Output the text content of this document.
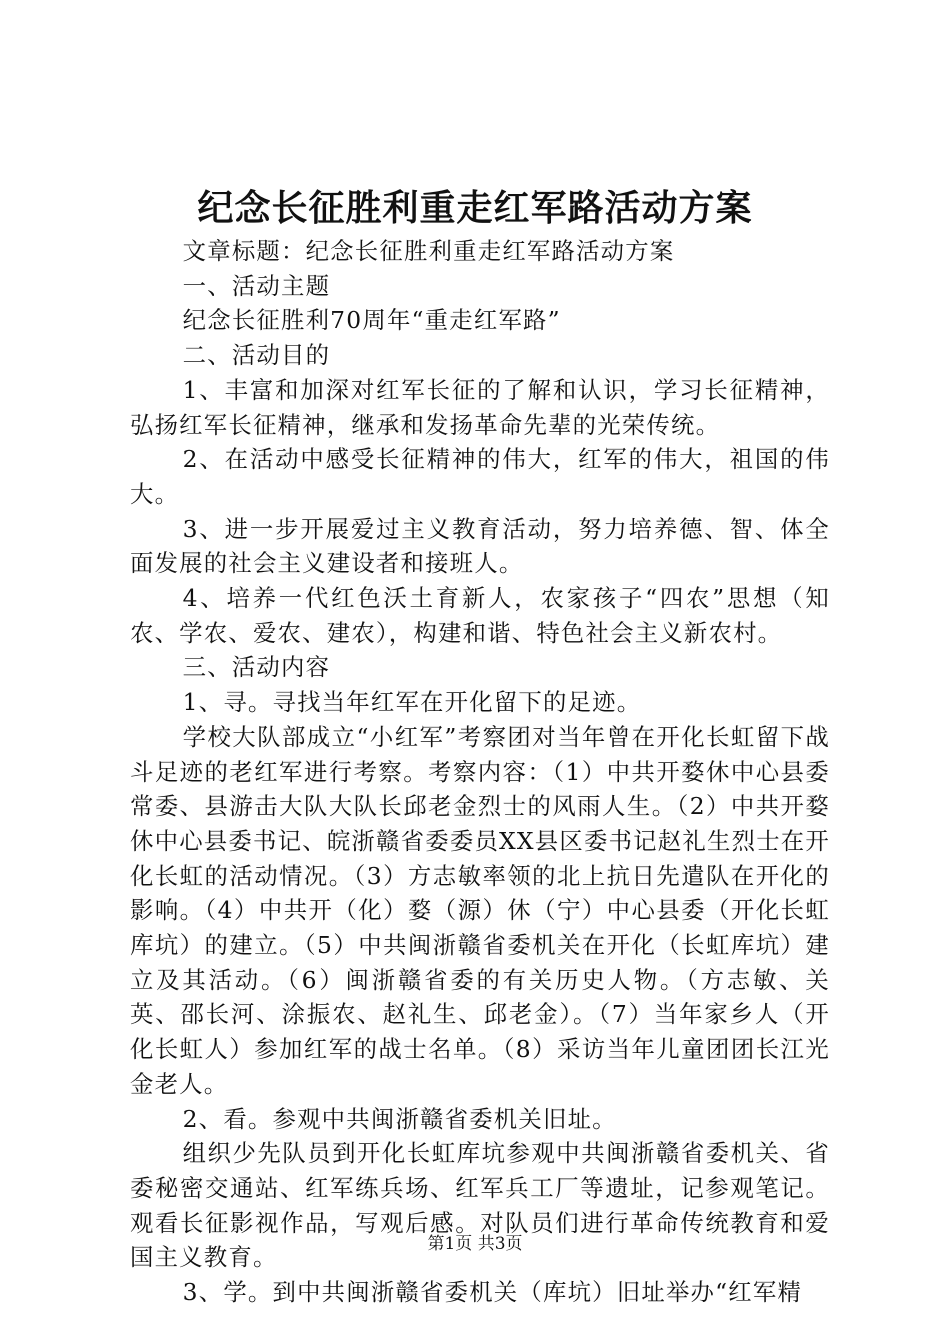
纪念长征胜利重走红军路活动方案

文章标题：纪念长征胜利重走红军路活动方案

一、活动主题

纪念长征胜利70周年“重走红军路”

二、活动目的

1、丰富和加深对红军长征的了解和认识，学习长征精神，弘扬红军长征精神，继承和发扬革命先辈的光荣传统。

2、在活动中感受长征精神的伟大，红军的伟大，祖国的伟大。

3、进一步开展爱过主义教育活动，努力培养德、智、体全面发展的社会主义建设者和接班人。

4、培养一代红色沃土育新人，农家孩子“四农”思想（知农、学农、爱农、建农），构建和谐、特色社会主义新农村。

三、活动内容

1、寻。寻找当年红军在开化留下的足迹。

学校大队部成立“小红军”考察团对当年曾在开化长虹留下战斗足迹的老红军进行考察。考察内容：（1）中共开婺休中心县委常委、县游击大队大队长邱老金烈士的风雨人生。（2）中共开婺休中心县委书记、皖浙赣省委委员XX县区委书记赵礼生烈士在开化长虹的活动情况。（3）方志敏率领的北上抗日先遣队在开化的影响。（4）中共开（化）婺（源）休（宁）中心县委（开化长虹库坑）的建立。（5）中共闽浙赣省委机关在开化（长虹库坑）建立及其活动。（6）闽浙赣省委的有关历史人物。（方志敏、关英、邵长河、涂振农、赵礼生、邱老金）。（7）当年家乡人（开化长虹人）参加红军的战士名单。（8）采访当年儿童团团长江光金老人。

2、看。参观中共闽浙赣省委机关旧址。

组织少先队员到开化长虹库坑参观中共闽浙赣省委机关、省委秘密交通站、红军练兵场、红军兵工厂等遗址，记参观笔记。观看长征影视作品，写观后感。对队员们进行革命传统教育和爱国主义教育。

3、学。到中共闽浙赣省委机关（库坑）旧址举办“红军精

第1页 共3页
